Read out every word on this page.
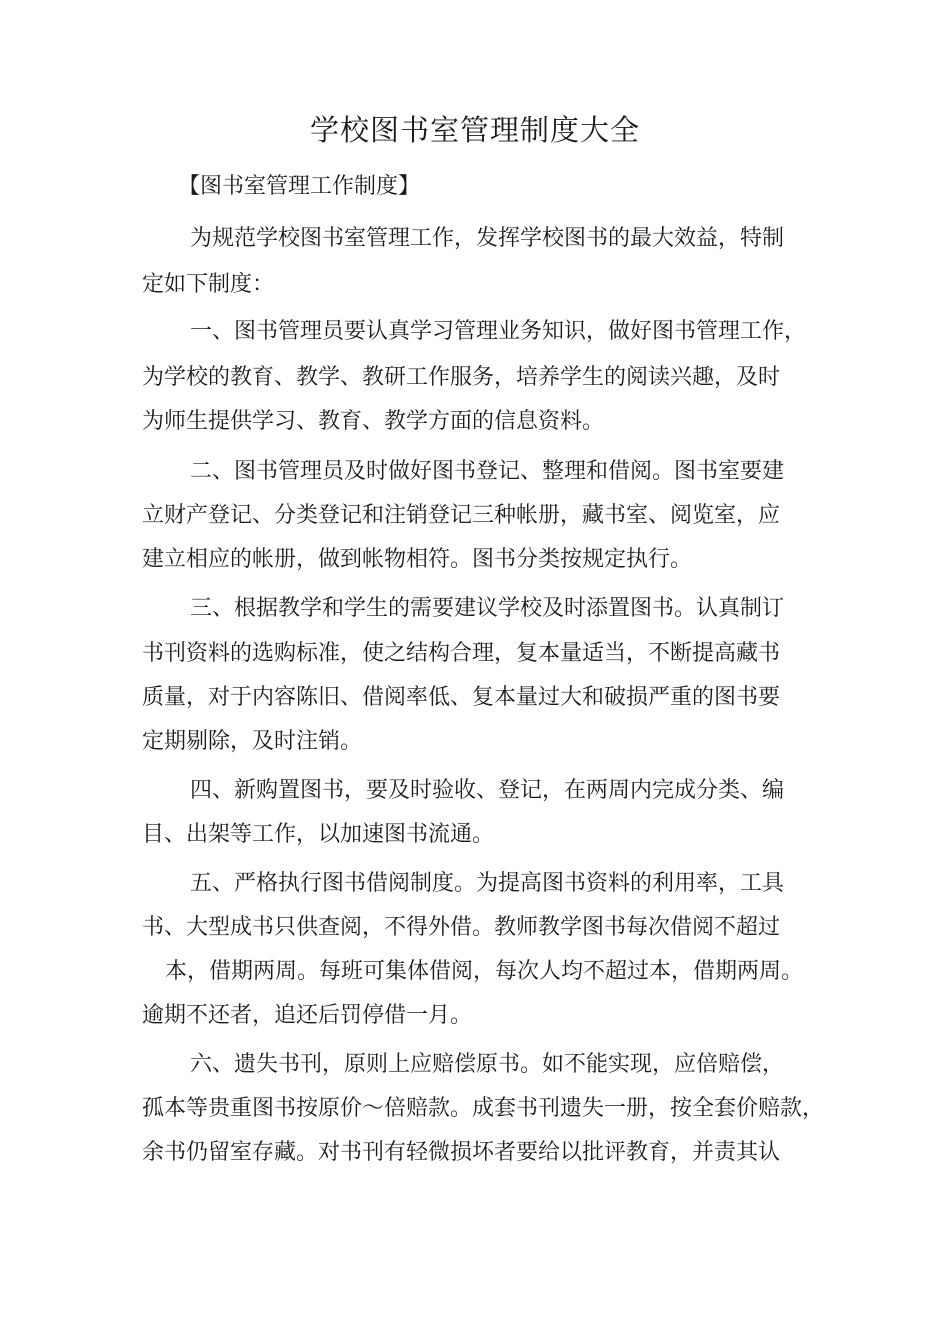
学校图书室管理制度大全
【图书室管理工作制度】
为规范学校图书室管理工作，发挥学校图书的最大效益，特制
定如下制度：
一、图书管理员要认真学习管理业务知识，做好图书管理工作，
为学校的教育、教学、教研工作服务，培养学生的阅读兴趣，及时
为师生提供学习、教育、教学方面的信息资料。
二、图书管理员及时做好图书登记、整理和借阅。图书室要建
立财产登记、分类登记和注销登记三种帐册，藏书室、阅览室，应
建立相应的帐册，做到帐物相符。图书分类按规定执行。
三、根据教学和学生的需要建议学校及时添置图书。认真制订
书刊资料的选购标准，使之结构合理，复本量适当，不断提高藏书
质量，对于内容陈旧、借阅率低、复本量过大和破损严重的图书要
定期剔除，及时注销。
四、新购置图书，要及时验收、登记，在两周内完成分类、编
目、出架等工作，以加速图书流通。
五、严格执行图书借阅制度。为提高图书资料的利用率，工具
书、大型成书只供查阅，不得外借。教师教学图书每次借阅不超过
本，借期两周。每班可集体借阅，每次人均不超过本，借期两周。
逾期不还者，追还后罚停借一月。
六、遗失书刊，原则上应赔偿原书。如不能实现，应倍赔偿，
孤本等贵重图书按原价〜倍赔款。成套书刊遗失一册，按全套价赔款，
余书仍留室存藏。对书刊有轻微损坏者要给以批评教育，并责其认
